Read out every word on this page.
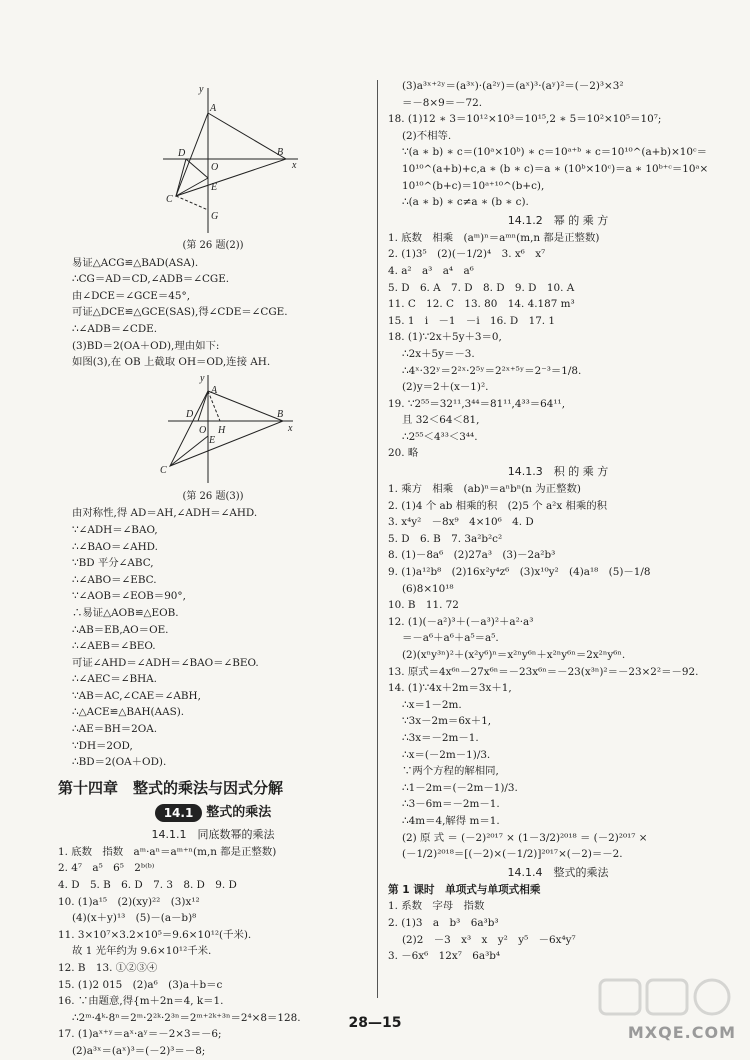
y
A
D
O
B
x
E
C
G
(第 26 题(2))
易证△ACG≌△BAD(ASA).
∴CG＝AD＝CD,∠ADB＝∠CGE.
由∠DCE＝∠GCE＝45°,
可证△DCE≌△GCE(SAS),得∠CDE＝∠CGE.
∴∠ADB＝∠CDE.
(3)BD＝2(OA＋OD),理由如下:
如图(3),在 OB 上截取 OH＝OD,连接 AH.
y
A
D
O H
B
x
E
C
(第 26 题(3))
由对称性,得 AD＝AH,∠ADH＝∠AHD.
∵∠ADH＝∠BAO,
∴∠BAO＝∠AHD.
∵BD 平分∠ABC,
∴∠ABO＝∠EBC.
∵∠AOB＝∠EOB＝90°,
∴易证△AOB≌△EOB.
∴AB＝EB,AO＝OE.
∴∠AEB＝∠BEO.
可证∠AHD＝∠ADH＝∠BAO＝∠BEO.
∴∠AEC＝∠BHA.
∵AB＝AC,∠CAE＝∠ABH,
∴△ACE≌△BAH(AAS).
∴AE＝BH＝2OA.
∵DH＝2OD,
∴BD＝2(OA＋OD).
第十四章　整式的乘法与因式分解
14.1	整式的乘法
14.1.1　同底数幂的乘法
1. 底数　指数　aᵐ·aⁿ＝aᵐ⁺ⁿ(m,n 都是正整数)
2. 4⁷　a⁵　6⁵　2ᵇ⁽ᵇ⁾
4. D　5. B　6. D　7. 3　8. D　9. D
10. (1)a¹⁵　(2)(xy)²²　(3)x¹²
(4)(x＋y)¹³　(5)－(a－b)⁸
11. 3×10⁷×3.2×10⁵＝9.6×10¹²(千米).
故 1 光年约为 9.6×10¹²千米.
12. B　13. ①②③④
15. (1)2 015　(2)a⁶　(3)a＋b＝c
16. ∵由题意,得{m＋2n＝4, k＝1.
∴2ᵐ·4ᵏ·8ⁿ＝2ᵐ·2²ᵏ·2³ⁿ＝2ᵐ⁺²ᵏ⁺³ⁿ＝2⁴×8＝128.
17. (1)aˣ⁺ʸ＝aˣ·aʸ＝－2×3＝－6;
(2)a³ˣ＝(aˣ)³＝(－2)³＝－8;
(3)a³ˣ⁺²ʸ＝(a³ˣ)·(a²ʸ)＝(aˣ)³·(aʸ)²＝(－2)³×3²
＝－8×9＝－72.
18. (1)12 ∗ 3＝10¹²×10³＝10¹⁵,2 ∗ 5＝10²×10⁵＝10⁷;
(2)不相等.
∵(a ∗ b) ∗ c＝(10ᵃ×10ᵇ) ∗ c＝10ᵃ⁺ᵇ ∗ c＝10¹⁰^(a+b)×10ᶜ＝
10¹⁰^(a+b)+c,a ∗ (b ∗ c)＝a ∗ (10ᵇ×10ᶜ)＝a ∗ 10ᵇ⁺ᶜ＝10ᵃ×
10¹⁰^(b+c)＝10ᵃ⁺¹⁰^(b+c),
∴(a ∗ b) ∗ c≠a ∗ (b ∗ c).
14.1.2　幂 的 乘 方
1. 底数　相乘　(aᵐ)ⁿ＝aᵐⁿ(m,n 都是正整数)
2. (1)3⁵　(2)(－1/2)⁴　3. x⁶　x⁷
4. a²　a³　a⁴　a⁶
5. D　6. A　7. D　8. D　9. D　10. A
11. C　12. C　13. 80　14. 4.187 m³
15. 1　i　－1　－i　16. D　17. 1
18. (1)∵2x＋5y＋3＝0,
∴2x＋5y＝－3.
∴4ˣ·32ʸ＝2²ˣ·2⁵ʸ＝2²ˣ⁺⁵ʸ＝2⁻³＝1/8.
(2)y＝2＋(x－1)².
19. ∵2⁵⁵＝32¹¹,3⁴⁴＝81¹¹,4³³＝64¹¹,
且 32＜64＜81,
∴2⁵⁵＜4³³＜3⁴⁴.
20. 略
14.1.3　积 的 乘 方
1. 乘方　相乘　(ab)ⁿ＝aⁿbⁿ(n 为正整数)
2. (1)4 个 ab 相乘的积　(2)5 个 a²x 相乘的积
3. x⁴y²　－8x⁹　4×10⁶　4. D
5. D　6. B　7. 3a²b²c²
8. (1)－8a⁶　(2)27a³　(3)－2a²b³
9. (1)a¹²b⁸　(2)16x²y⁴z⁶　(3)x¹⁰y²　(4)a¹⁸　(5)－1/8
(6)8×10¹⁸
10. B　11. 72
12. (1)(－a²)³＋(－a³)²＋a²·a³
＝－a⁶＋a⁶＋a⁵＝a⁵.
(2)(xⁿy³ⁿ)²＋(x²y⁶)ⁿ＝x²ⁿy⁶ⁿ＋x²ⁿy⁶ⁿ＝2x²ⁿy⁶ⁿ.
13. 原式＝4x⁶ⁿ－27x⁶ⁿ＝－23x⁶ⁿ＝－23(x³ⁿ)²＝－23×2²＝－92.
14. (1)∵4x＋2m＝3x＋1,
∴x＝1－2m.
∵3x－2m＝6x＋1,
∴3x＝－2m－1.
∴x＝(－2m－1)/3.
∵两个方程的解相同,
∴1－2m＝(－2m－1)/3.
∴3－6m＝－2m－1.
∴4m＝4,解得 m＝1.
(2) 原 式 ＝ (－2)²⁰¹⁷ × (1－3/2)²⁰¹⁸ ＝ (－2)²⁰¹⁷ ×
(－1/2)²⁰¹⁸＝[(－2)×(－1/2)]²⁰¹⁷×(－2)＝－2.
14.1.4　整式的乘法
第 1 课时　单项式与单项式相乘
1. 系数　字母　指数
2. (1)3　a　b³　6a³b³
(2)2　－3　x³　x　y²　y⁵　－6x⁴y⁷
3. －6x⁶　12x⁷　6a³b⁴
28—15	MXQE.COM
